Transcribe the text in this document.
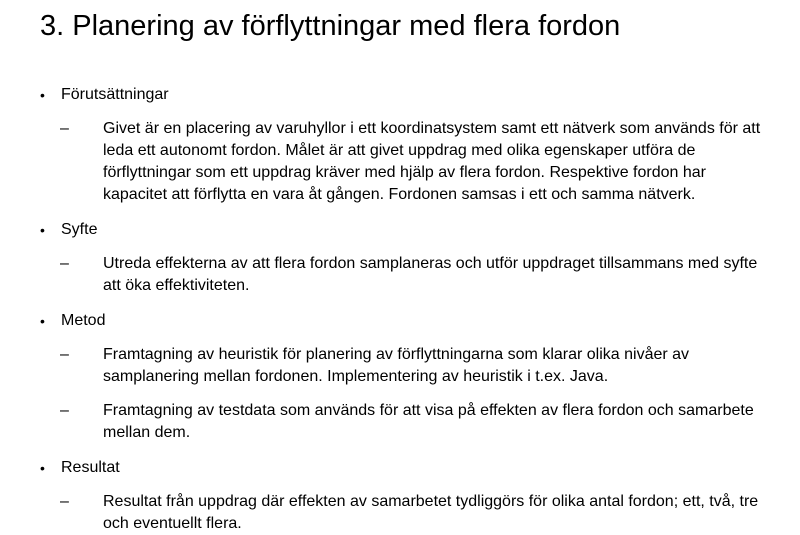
3. Planering av förflyttningar med flera fordon
• Förutsättningar
– Givet är en placering av varuhyllor i ett koordinatsystem samt ett nätverk som används för att leda ett autonomt fordon. Målet är att givet uppdrag med olika egenskaper utföra de förflyttningar som ett uppdrag kräver med hjälp av flera fordon. Respektive fordon har kapacitet att förflytta en vara åt gången. Fordonen samsas i ett och samma nätverk.
• Syfte
– Utreda effekterna av att flera fordon samplaneras och utför uppdraget tillsammans med syfte att öka effektiviteten.
• Metod
– Framtagning av heuristik för planering av förflyttningarna som klarar olika nivåer av samplanering mellan fordonen. Implementering av heuristik i t.ex. Java.
– Framtagning av testdata som används för att visa på effekten av flera fordon och samarbete mellan dem.
• Resultat
– Resultat från uppdrag där effekten av samarbetet tydliggörs för olika antal fordon; ett, två, tre och eventuellt flera.
